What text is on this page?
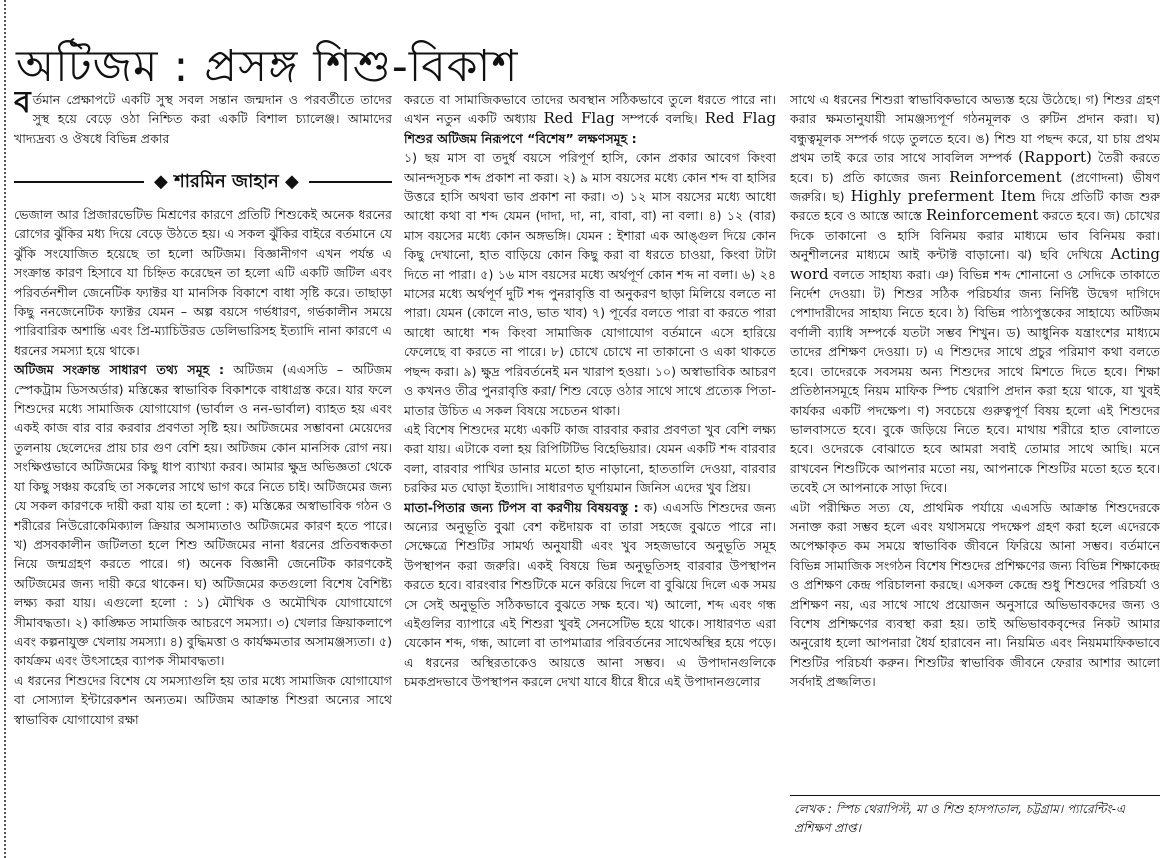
অটিজম : প্রসঙ্গ শিশু-বিকাশ

বর্তমান প্রেক্ষাপটে একটি সুস্থ সবল সন্তান জন্মদান ও পরবর্তীতে তাদের সুস্থ হয়ে বেড়ে ওঠা নিশ্চিত করা একটি বিশাল চ্যালেঞ্জ। আমাদের খাদ্যদ্রব্য ও ঔষধে বিভিন্ন প্রকার

◆ শারমিন জাহান ◆

ভেজাল আর প্রিজারভেটিভ মিশ্রণের কারণে প্রতিটি শিশুকেই অনেক ধরনের রোগের ঝুঁকির মধ্য দিয়ে বেড়ে উঠতে হয়। এ সকল ঝুঁকির বাইরে বর্তমানে যে ঝুঁকি সংযোজিত হয়েছে তা হলো অটিজম। বিজ্ঞানীগণ এখন পর্যন্ত এ সংক্রান্ত কারণ হিসাবে যা চিহ্নিত করেছেন তা হলো এটি একটি জটিল এবং পরিবর্তনশীল জেনেটিক ফ্যাক্টর যা মানসিক বিকাশে বাধা সৃষ্টি করে। তাছাড়া কিছু ননজেনেটিক ফ্যাক্টর যেমন – অল্প বয়সে গর্ভধারণ, গর্ভকালীন সময়ে পারিবারিক অশান্তি এবং প্রি-ম্যাচিউরড ডেলিভারিসহ ইত্যাদি নানা কারণে এ ধরনের সমস্যা হয়ে থাকে।

অটিজম সংক্রান্ত সাধারণ তথ্য সমূহ : অটিজম (এএসডি – অটিজম স্পেকট্রাম ডিসঅর্ডার) মস্তিষ্কের স্বাভাবিক বিকাশকে বাধাগ্রস্ত করে। যার ফলে শিশুদের মধ্যে সামাজিক যোগাযোগ (ভার্বাল ও নন-ভার্বাল) ব্যাহত হয় এবং একই কাজ বার বার করবার প্রবণতা সৃষ্টি হয়। অটিজমের সম্ভাবনা মেয়েদের তুলনায় ছেলেদের প্রায় চার গুণ বেশি হয়। অটিজম কোন মানসিক রোগ নয়। সংক্ষিপ্তভাবে অটিজমের কিছু ধাপ ব্যাখ্যা করব। আমার ক্ষুদ্র অভিজ্ঞতা থেকে যা কিছু সঞ্চয় করেছি তা সকলের সাথে ভাগ করে নিতে চাই। অটিজমের জন্য যে সকল কারণকে দায়ী করা যায় তা হলো : ক) মস্তিষ্কের অস্বাভাবিক গঠন ও শরীরের নিউরোকেমিক্যাল ক্রিয়ার অসাম্যতাও অটিজমের কারণ হতে পারে। খ) প্রসবকালীন জটিলতা হলে শিশু অটিজমের নানা ধরনের প্রতিবন্ধকতা নিয়ে জন্মগ্রহণ করতে পারে। গ) অনেক বিজ্ঞানী জেনেটিক কারণকেই অটিজমের জন্য দায়ী করে থাকেন। ঘ) অটিজমের কতগুলো বিশেষ বৈশিষ্ট্য লক্ষ্য করা যায়। এগুলো হলো : ১) মৌখিক ও অমৌখিক যোগাযোগে সীমাবদ্ধতা। ২) কাঙ্ক্ষিত সামাজিক আচরণে সমস্যা। ৩) খেলার ক্রিয়াকলাপে এবং কল্পনাযুক্ত খেলায় সমস্যা। ৪) বুদ্ধিমত্তা ও কার্যক্ষমতার অসামঞ্জস্যতা। ৫) কার্যক্রম এবং উৎসাহের ব্যাপক সীমাবদ্ধতা।

এ ধরনের শিশুদের বিশেষ যে সমস্যাগুলি হয় তার মধ্যে সামাজিক যোগাযোগ বা সোস্যাল ইন্টারেকশন অন্যতম। অটিজম আক্রান্ত শিশুরা অন্যের সাথে স্বাভাবিক যোগাযোগ রক্ষা

করতে বা সামাজিকভাবে তাদের অবস্থান সঠিকভাবে তুলে ধরতে পারে না। এখন নতুন একটি অধ্যায় Red Flag সম্পর্কে বলছি। Red Flag শিশুর অটিজম নিরূপণে “বিশেষ” লক্ষণসমূহ :

১) ছয় মাস বা তদুর্ধ বয়সে পরিপূর্ণ হাসি, কোন প্রকার আবেগ কিংবা আনন্দসূচক শব্দ প্রকাশ না করা। ২) ৯ মাস বয়সের মধ্যে কোন শব্দ বা হাসির উত্তরে হাসি অথবা ভাব প্রকাশ না করা। ৩) ১২ মাস বয়সের মধ্যে আধো আধো কথা বা শব্দ যেমন (দাদা, দা, না, বাবা, বা) না বলা। ৪) ১২ (বার) মাস বয়সের মধ্যে কোন অঙ্গভঙ্গি। যেমন : ইশারা এক আঙ্গুল দিয়ে কোন কিছু দেখানো, হাত বাড়িয়ে কোন কিছু করা বা ধরতে চাওয়া, কিংবা টাটা দিতে না পারা। ৫) ১৬ মাস বয়সের মধ্যে অর্থপূর্ণ কোন শব্দ না বলা। ৬) ২৪ মাসের মধ্যে অর্থপূর্ণ দুটি শব্দ পুনরাবৃত্তি বা অনুকরণ ছাড়া মিলিয়ে বলতে না পারা। যেমন (কোলে নাও, ভাত খাব) ৭) পূর্বের বলতে পারা বা করতে পারা আধো আধো শব্দ কিংবা সামাজিক যোগাযোগ বর্তমানে এসে হারিয়ে ফেলেছে বা করতে না পারে। ৮) চোখে চোখে না তাকানো ও একা থাকতে পছন্দ করা। ৯) ক্ষুদ্র পরিবর্তনেই মন খারাপ হওয়া। ১০) অস্বাভাবিক আচরণ ও কখনও তীব্র পুনরাবৃত্তি করা/ শিশু বেড়ে ওঠার সাথে সাথে প্রত্যেক পিতা-মাতার উচিত এ সকল বিষয়ে সচেতন থাকা।

এই বিশেষ শিশুদের মধ্যে একটি কাজ বারবার করার প্রবণতা খুব বেশি লক্ষ্য করা যায়। এটাকে বলা হয় রিপিটিটিভ বিহেভিয়ার। যেমন একটি শব্দ বারবার বলা, বারবার পাখির ডানার মতো হাত নাড়ানো, হাততালি দেওয়া, বারবার চরকির মত ঘোড়া ইত্যাদি। সাধারণত ঘূর্ণায়মান জিনিস এদের খুব প্রিয়।

মাতা-পিতার জন্য টিপস বা করণীয় বিষয়বস্তু : ক) এএসডি শিশুদের জন্য অন্যের অনুভূতি বুঝা বেশ কষ্টদায়ক বা তারা সহজে বুঝতে পারে না। সেক্ষেত্রে শিশুটির সামর্থ্য অনুযায়ী এবং খুব সহজভাবে অনুভূতি সমূহ উপস্থাপন করা জরুরি। একই বিষয়ে ভিন্ন অনুভূতিসহ বারবার উপস্থাপন করতে হবে। বারংবার শিশুটিকে মনে করিয়ে দিলে বা বুঝিয়ে দিলে এক সময় সে সেই অনুভূতি সঠিকভাবে বুঝতে সক্ষ হবে। খ) আলো, শব্দ এবং গন্ধ এইগুলির ব্যাপারে এই শিশুরা খুবই সেনসেটিভ হয়ে থাকে। সাধারণত এরা যেকোন শব্দ, গন্ধ, আলো বা তাপমাত্রার পরিবর্তনের সাথেঅস্থির হয়ে পড়ে। এ ধরনের অস্থিরতাকেও আয়ত্তে আনা সম্ভব। এ উপাদানগুলিকে চমকপ্রদভাবে উপস্থাপন করলে দেখা যাবে ধীরে ধীরে এই উপাদানগুলোর

সাথে এ ধরনের শিশুরা স্বাভাবিকভাবে অভ্যস্ত হয়ে উঠেছে। গ) শিশুর গ্রহণ করার ক্ষমতানুযায়ী সামঞ্জস্যপূর্ণ গঠনমূলক ও রুটিন প্রদান করা। ঘ) বন্ধুত্বমূলক সম্পর্ক গড়ে তুলতে হবে। ঙ) শিশু যা পছন্দ করে, যা চায় প্রথম প্রথম তাই করে তার সাথে সাবলিল সম্পর্ক (Rapport) তৈরী করতে হবে। চ) প্রতি কাজের জন্য Reinforcement (প্রণোদনা) ভীষণ জরুরি। ছ) Highly preferment Item দিয়ে প্রতিটি কাজ শুরু করতে হবে ও আস্তে আস্তে Reinforcement করতে হবে। জ) চোখের দিকে তাকানো ও হাসি বিনিময় করার মাধ্যমে ভাব বিনিময় করা। অনুশীলনের মাধ্যমে আই কন্টাক্ট বাড়ানো। ঝ) ছবি দেখিয়ে Acting word বলতে সাহায্য করা। ঞ) বিভিন্ন শব্দ শোনানো ও সেদিকে তাকাতে নির্দেশ দেওয়া। ট) শিশুর সঠিক পরিচর্যার জন্য নির্দিষ্ট উদ্বেগ দাগিদে পেশাদারীদের সাহায্য নিতে হবে। ঠ) বিভিন্ন পাঠ্যপুস্তকের সাহায্যে অটিজম বর্ণালী ব্যাধি সম্পর্কে যতটা সম্ভব শিখুন। ড) আধুনিক যন্ত্রাংশের মাধ্যমে তাদের প্রশিক্ষণ দেওয়া। ঢ) এ শিশুদের সাথে প্রচুর পরিমাণ কথা বলতে হবে। তাদেরকে সবসময় অন্য শিশুদের সাথে মিশতে দিতে হবে। শিক্ষা প্রতিষ্ঠানসমূহে নিয়ম মাফিক স্পিচ থেরাপি প্রদান করা হয়ে থাকে, যা খুবই কার্যকর একটি পদক্ষেপ। ণ) সবচেয়ে গুরুত্বপূর্ণ বিষয় হলো এই শিশুদের ভালবাসতে হবে। বুকে জড়িয়ে নিতে হবে। মাথায় শরীরে হাত বোলাতে হবে। ওদেরকে বোঝাতে হবে আমরা সবাই তোমার সাথে আছি। মনে রাখবেন শিশুটিকে আপনার মতো নয়, আপনাকে শিশুটির মতো হতে হবে। তবেই সে আপনাকে সাড়া দিবে।

এটা পরীক্ষিত সত্য যে, প্রাথমিক পর্যায়ে এএসডি আক্রান্ত শিশুদেরকে সনাক্ত করা সম্ভব হলে এবং যথাসময়ে পদক্ষেপ গ্রহণ করা হলে এদেরকে অপেক্ষাকৃত কম সময়ে স্বাভাবিক জীবনে ফিরিয়ে আনা সম্ভব। বর্তমানে বিভিন্ন সামাজিক সংগঠন বিশেষ শিশুদের প্রশিক্ষণের জন্য বিভিন্ন শিক্ষাকেন্দ্র ও প্রশিক্ষণ কেন্দ্র পরিচালনা করছে। এসকল কেন্দ্রে শুধু শিশুদের পরিচর্যা ও প্রশিক্ষণ নয়, এর সাথে সাথে প্রয়োজন অনুসারে অভিভাবকদের জন্য ও বিশেষ প্রশিক্ষণের ব্যবস্থা করা হয়। তাই অভিভাবকবৃন্দের নিকট আমার অনুরোধ হলো আপনারা ধৈর্য হারাবেন না। নিয়মিত এবং নিয়মমাফিকভাবে শিশুটির পরিচর্যা করুন। শিশুটির স্বাভাবিক জীবনে ফেরার আশার আলো সর্বদাই প্রজ্জলিত।

লেখক : স্পিচ থেরাপিস্ট, মা ও শিশু হাসপাতাল, চট্টগ্রাম। প্যারেন্টিং-এ প্রশিক্ষণ প্রাপ্ত।
